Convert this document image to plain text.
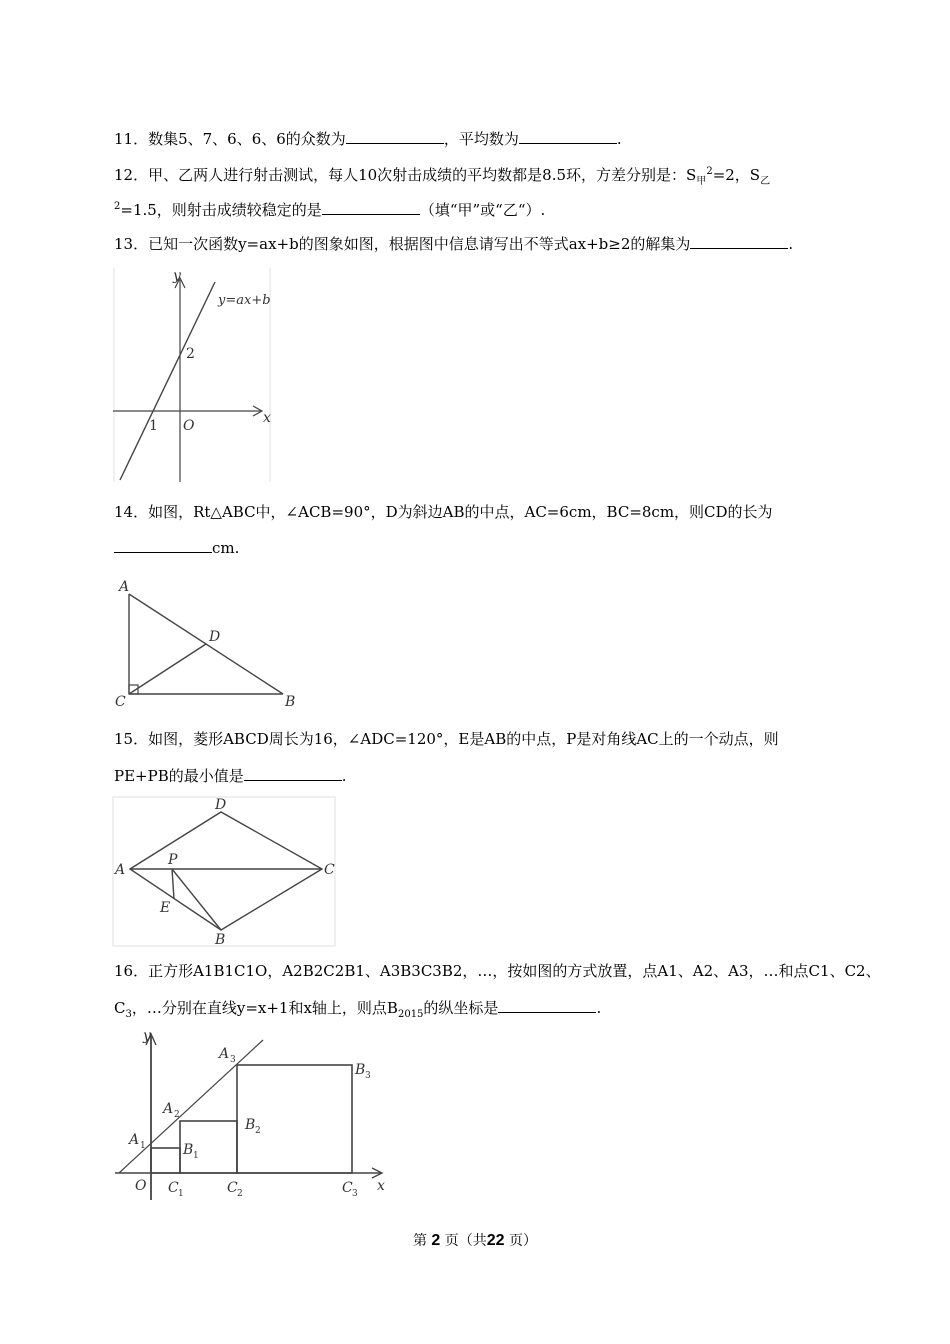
11．数集5、7、6、6、6的众数为	，平均数为	.
12．甲、乙两人进行射击测试，每人10次射击成绩的平均数都是8.5环，方差分别是：$S_甲^2=2$，$S_乙$
$^2$=1.5，则射击成绩较稳定的是	（填“甲”或“乙“）.
13．已知一次函数y=ax+b的图象如图，根据图中信息请写出不等式ax+b≥2的解集为	.
y
x
y=ax+b
2
1 O
14．如图，Rt△ABC中，∠ACB=90°，D为斜边AB的中点，AC=6cm，BC=8cm，则CD的长为
cm.
A
D
C	B
15．如图，菱形ABCD周长为16，∠ADC=120°，E是AB的中点，P是对角线AC上的一个动点，则
PE+PB的最小值是	.
D
A	C
P
E
B
16．正方形A1B1C1O，A2B2C2B1、A3B3C3B2，…，按如图的方式放置，点A1、A2、A3，…和点C1、C2、
$C_3$，…分别在直线y=x+1和x轴上，则点$B_{2015}$的纵坐标是	.
y
x
O
A 1	B 1
C 1
A 2
B 2
C 2
A 3
B 3
C 3
第 2 页（共22 页）
